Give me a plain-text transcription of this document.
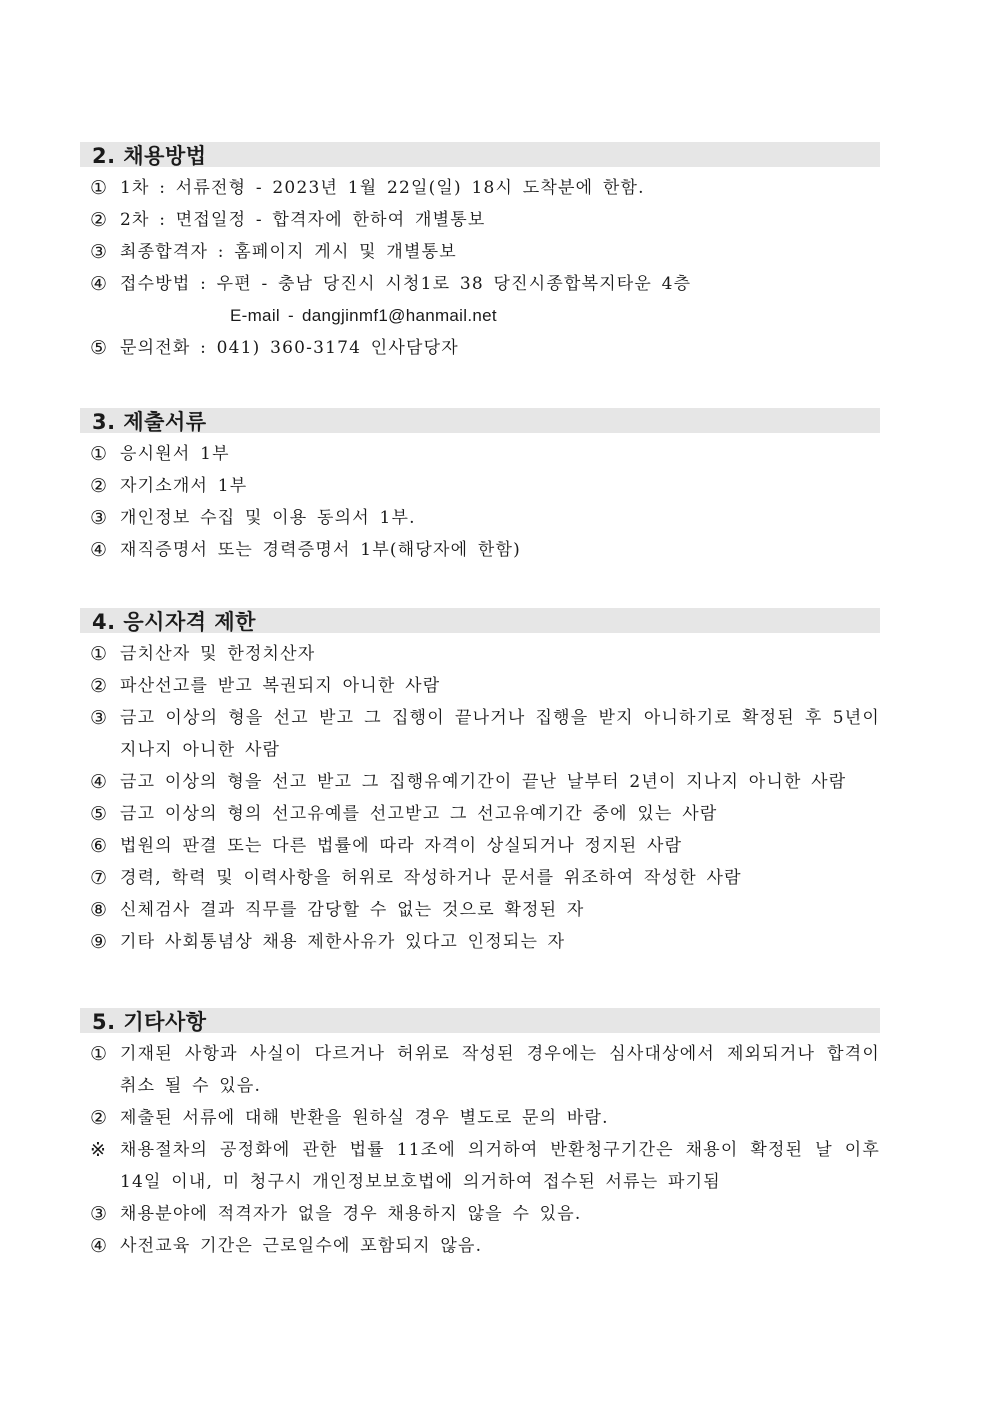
2. 채용방법
① 1차 : 서류전형 - 2023년 1월 22일(일) 18시 도착분에 한함.
② 2차 : 면접일정 - 합격자에 한하여 개별통보
③ 최종합격자 : 홈페이지 게시 및 개별통보
④ 접수방법 : 우편 - 충남 당진시 시청1로 38 당진시종합복지타운 4층
E-mail - dangjinmf1@hanmail.net
⑤ 문의전화 : 041) 360-3174 인사담당자
3. 제출서류
① 응시원서 1부
② 자기소개서 1부
③ 개인정보 수집 및 이용 동의서 1부.
④ 재직증명서 또는 경력증명서 1부(해당자에 한함)
4. 응시자격 제한
① 금치산자 및 한정치산자
② 파산선고를 받고 복권되지 아니한 사람
③ 금고 이상의 형을 선고 받고 그 집행이 끝나거나 집행을 받지 아니하기로 확정된 후 5년이 지나지 아니한 사람
④ 금고 이상의 형을 선고 받고 그 집행유예기간이 끝난 날부터 2년이 지나지 아니한 사람
⑤ 금고 이상의 형의 선고유예를 선고받고 그 선고유예기간 중에 있는 사람
⑥ 법원의 판결 또는 다른 법률에 따라 자격이 상실되거나 정지된 사람
⑦ 경력, 학력 및 이력사항을 허위로 작성하거나 문서를 위조하여 작성한 사람
⑧ 신체검사 결과 직무를 감당할 수 없는 것으로 확정된 자
⑨ 기타 사회통념상 채용 제한사유가 있다고 인정되는 자
5. 기타사항
① 기재된 사항과 사실이 다르거나 허위로 작성된 경우에는 심사대상에서 제외되거나 합격이 취소 될 수 있음.
② 제출된 서류에 대해 반환을 원하실 경우 별도로 문의 바람.
※ 채용절차의 공정화에 관한 법률 11조에 의거하여 반환청구기간은 채용이 확정된 날 이후 14일 이내, 미 청구시 개인정보보호법에 의거하여 접수된 서류는 파기됨
③ 채용분야에 적격자가 없을 경우 채용하지 않을 수 있음.
④ 사전교육 기간은 근로일수에 포함되지 않음.
